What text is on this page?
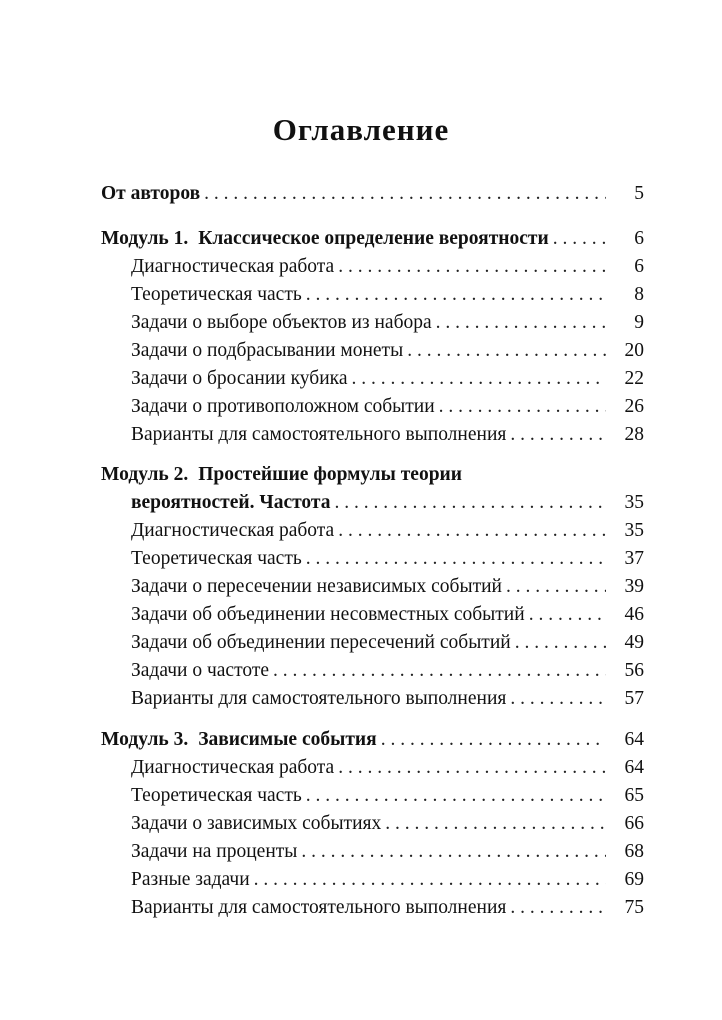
Оглавление
От авторов . . .	5
Модуль 1. Классическое определение вероятности . . .	6
Диагностическая работа . . .	6
Теоретическая часть . . .	8
Задачи о выборе объектов из набора . . .	9
Задачи о подбрасывании монеты . . .	20
Задачи о бросании кубика . . .	22
Задачи о противоположном событии . . .	26
Варианты для самостоятельного выполнения . . .	28
Модуль 2. Простейшие формулы теории
вероятностей. Частота . . .	35
Диагностическая работа . . .	35
Теоретическая часть . . .	37
Задачи о пересечении независимых событий . . .	39
Задачи об объединении несовместных событий . . .	46
Задачи об объединении пересечений событий . . .	49
Задачи о частоте . . .	56
Варианты для самостоятельного выполнения . . .	57
Модуль 3. Зависимые события . . .	64
Диагностическая работа . . .	64
Теоретическая часть . . .	65
Задачи о зависимых событиях . . .	66
Задачи на проценты . . .	68
Разные задачи . . .	69
Варианты для самостоятельного выполнения . . .	75
